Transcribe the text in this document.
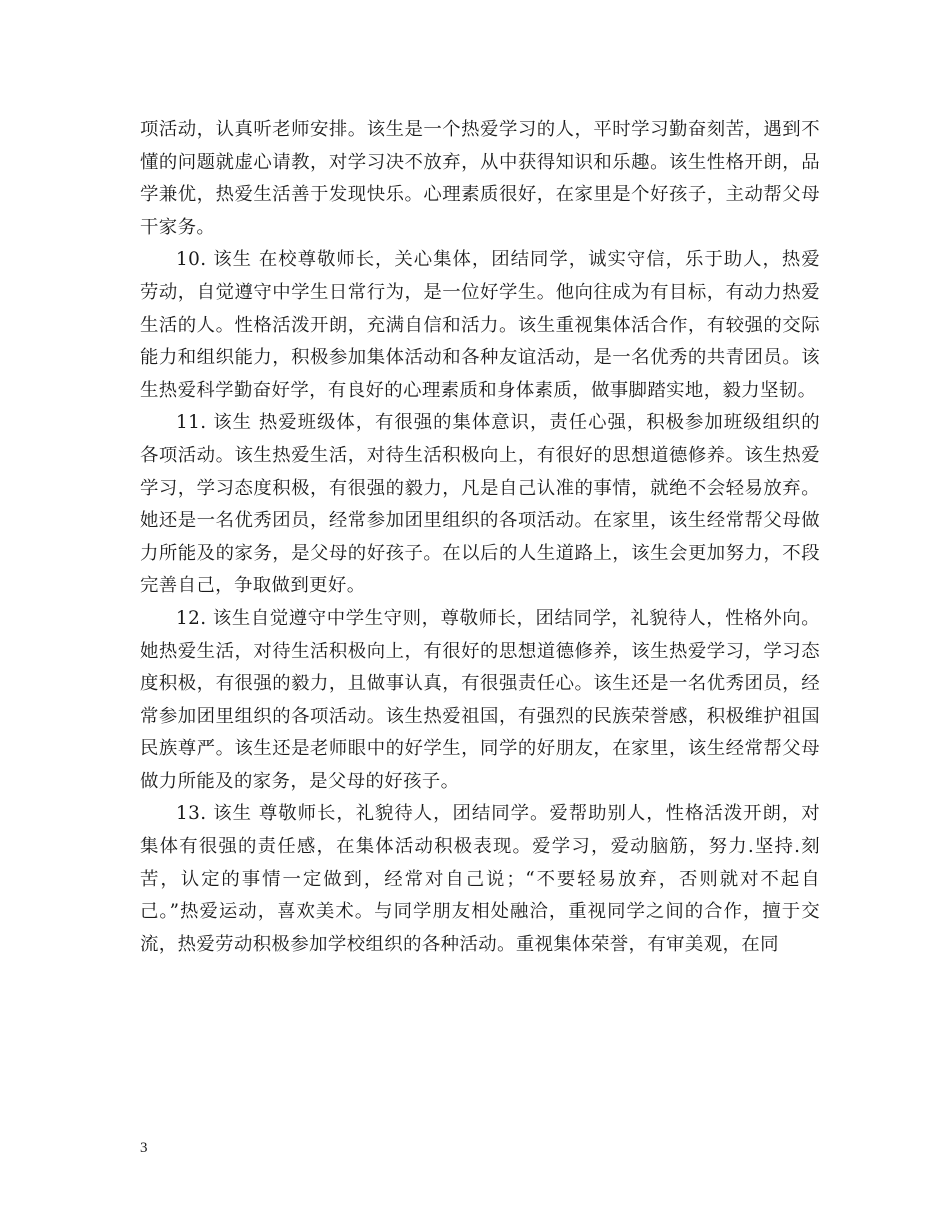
项活动，认真听老师安排。该生是一个热爱学习的人，平时学习勤奋刻苦，遇到不懂的问题就虚心请教，对学习决不放弃，从中获得知识和乐趣。该生性格开朗，品学兼优，热爱生活善于发现快乐。心理素质很好，在家里是个好孩子，主动帮父母干家务。

10. 该生 在校尊敬师长，关心集体，团结同学，诚实守信，乐于助人，热爱劳动，自觉遵守中学生日常行为，是一位好学生。他向往成为有目标，有动力热爱生活的人。性格活泼开朗，充满自信和活力。该生重视集体活合作，有较强的交际能力和组织能力，积极参加集体活动和各种友谊活动，是一名优秀的共青团员。该生热爱科学勤奋好学，有良好的心理素质和身体素质，做事脚踏实地，毅力坚韧。

11. 该生 热爱班级体，有很强的集体意识，责任心强，积极参加班级组织的各项活动。该生热爱生活，对待生活积极向上，有很好的思想道德修养。该生热爱学习，学习态度积极，有很强的毅力，凡是自己认准的事情，就绝不会轻易放弃。她还是一名优秀团员，经常参加团里组织的各项活动。在家里，该生经常帮父母做力所能及的家务，是父母的好孩子。在以后的人生道路上，该生会更加努力，不段完善自己，争取做到更好。

12. 该生自觉遵守中学生守则，尊敬师长，团结同学，礼貌待人，性格外向。她热爱生活，对待生活积极向上，有很好的思想道德修养，该生热爱学习，学习态度积极，有很强的毅力，且做事认真，有很强责任心。该生还是一名优秀团员，经常参加团里组织的各项活动。该生热爱祖国，有强烈的民族荣誉感，积极维护祖国民族尊严。该生还是老师眼中的好学生，同学的好朋友，在家里，该生经常帮父母做力所能及的家务，是父母的好孩子。

13. 该生 尊敬师长，礼貌待人，团结同学。爱帮助别人，性格活泼开朗，对集体有很强的责任感，在集体活动积极表现。爱学习，爱动脑筋，努力.坚持.刻苦，认定的事情一定做到，经常对自己说；“不要轻易放弃，否则就对不起自己。”热爱运动，喜欢美术。与同学朋友相处融洽，重视同学之间的合作，擅于交流，热爱劳动积极参加学校组织的各种活动。重视集体荣誉，有审美观，在同

3
